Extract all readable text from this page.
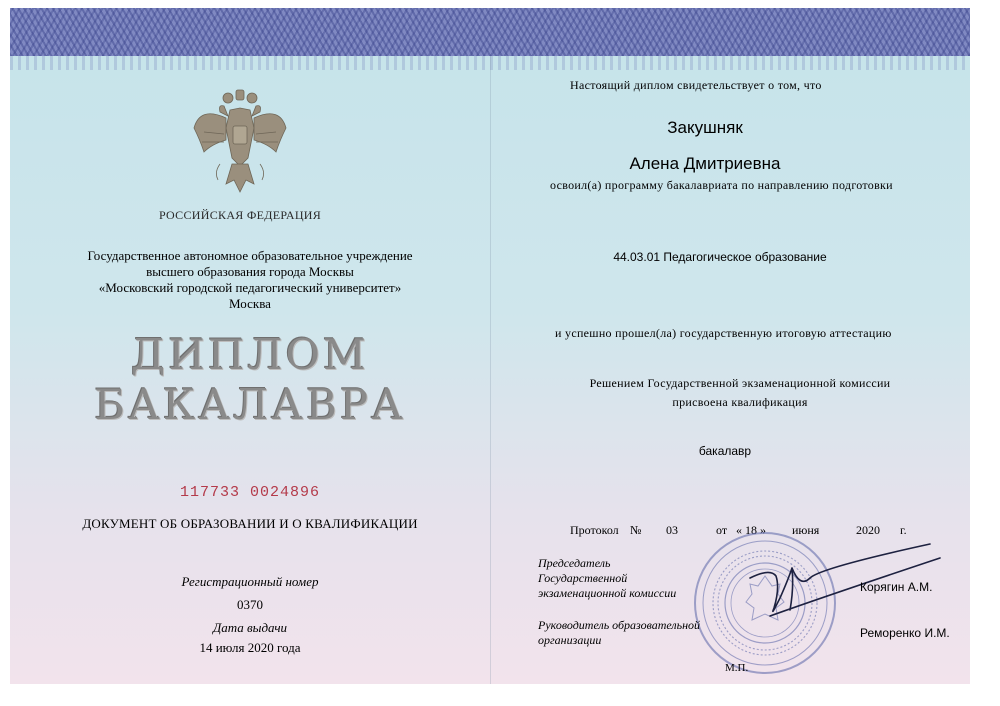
РОССИЙСКАЯ ФЕДЕРАЦИЯ
Государственное автономное образовательное учреждение
высшего образования города Москвы
«Московский городской педагогический университет»
Москва
ДИПЛОМ
БАКАЛАВРА
117733 0024896
ДОКУМЕНТ ОБ ОБРАЗОВАНИИ И О КВАЛИФИКАЦИИ
Регистрационный номер
0370
Дата выдачи
14 июля 2020 года
Настоящий диплом свидетельствует о том, что
Закушняк
Алена Дмитриевна
освоил(а) программу бакалавриата по направлению подготовки
44.03.01 Педагогическое образование
и успешно прошел(ла) государственную итоговую аттестацию
Решением Государственной экзаменационной комиссии
присвоена квалификация
бакалавр
Протокол № 03	от « 18 » июня	2020 г.
Председатель
Государственной
экзаменационной комиссии	Корягин А.М.
Руководитель образовательной
организации	Реморенко И.М.
М.П.
